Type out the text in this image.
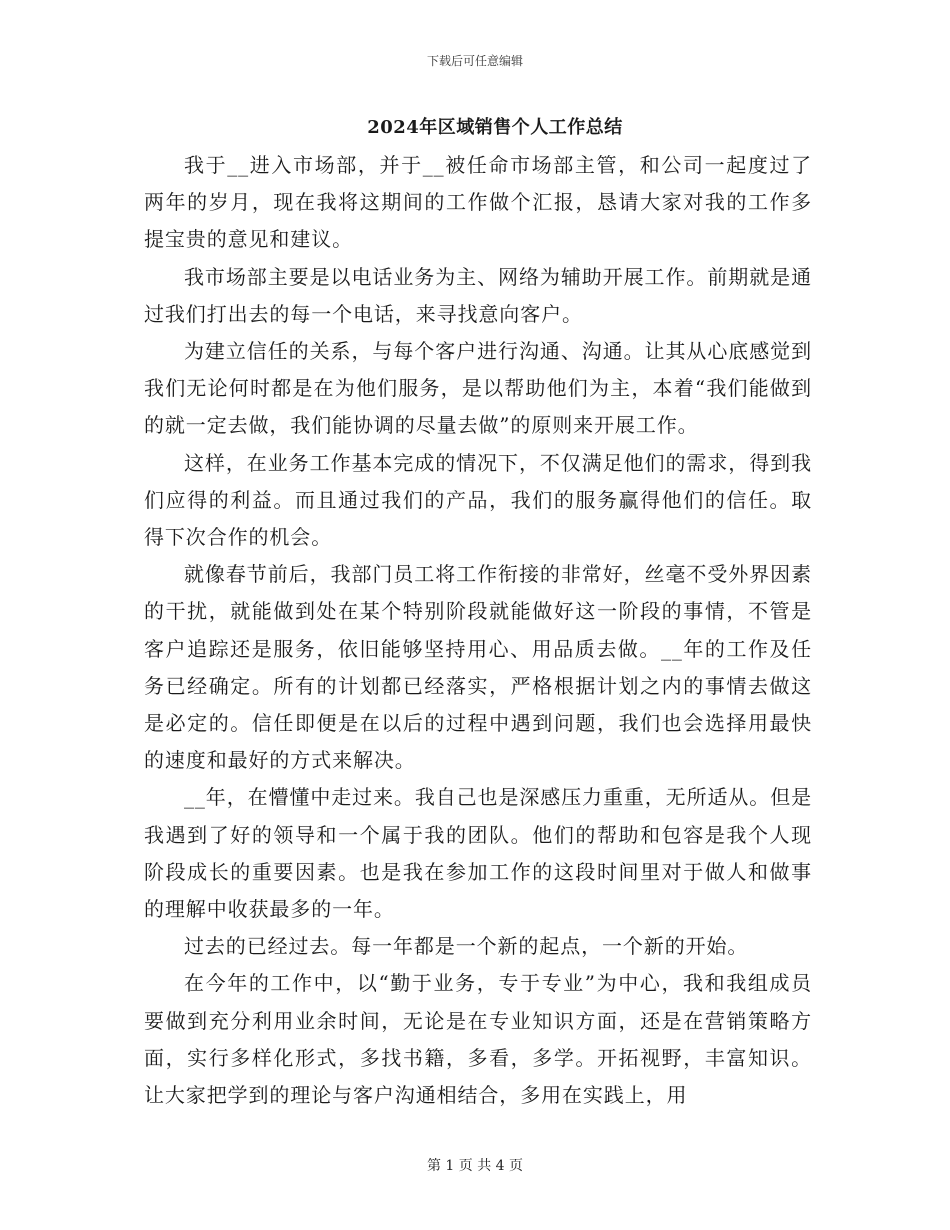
下载后可任意编辑
2024年区域销售个人工作总结

我于__进入市场部，并于__被任命市场部主管，和公司一起度过了两年的岁月，现在我将这期间的工作做个汇报，恳请大家对我的工作多提宝贵的意见和建议。

我市场部主要是以电话业务为主、网络为辅助开展工作。前期就是通过我们打出去的每一个电话，来寻找意向客户。

为建立信任的关系，与每个客户进行沟通、沟通。让其从心底感觉到我们无论何时都是在为他们服务，是以帮助他们为主，本着“我们能做到的就一定去做，我们能协调的尽量去做”的原则来开展工作。

这样，在业务工作基本完成的情况下，不仅满足他们的需求，得到我们应得的利益。而且通过我们的产品，我们的服务赢得他们的信任。取得下次合作的机会。

就像春节前后，我部门员工将工作衔接的非常好，丝毫不受外界因素的干扰，就能做到处在某个特别阶段就能做好这一阶段的事情，不管是客户追踪还是服务，依旧能够坚持用心、用品质去做。__年的工作及任务已经确定。所有的计划都已经落实，严格根据计划之内的事情去做这是必定的。信任即便是在以后的过程中遇到问题，我们也会选择用最快的速度和最好的方式来解决。

__年，在懵懂中走过来。我自己也是深感压力重重，无所适从。但是我遇到了好的领导和一个属于我的团队。他们的帮助和包容是我个人现阶段成长的重要因素。也是我在参加工作的这段时间里对于做人和做事的理解中收获最多的一年。

过去的已经过去。每一年都是一个新的起点，一个新的开始。

在今年的工作中，以“勤于业务，专于专业”为中心，我和我组成员要做到充分利用业余时间，无论是在专业知识方面，还是在营销策略方面，实行多样化形式，多找书籍，多看，多学。开拓视野，丰富知识。让大家把学到的理论与客户沟通相结合，多用在实践上，用

第 1 页 共 4 页
